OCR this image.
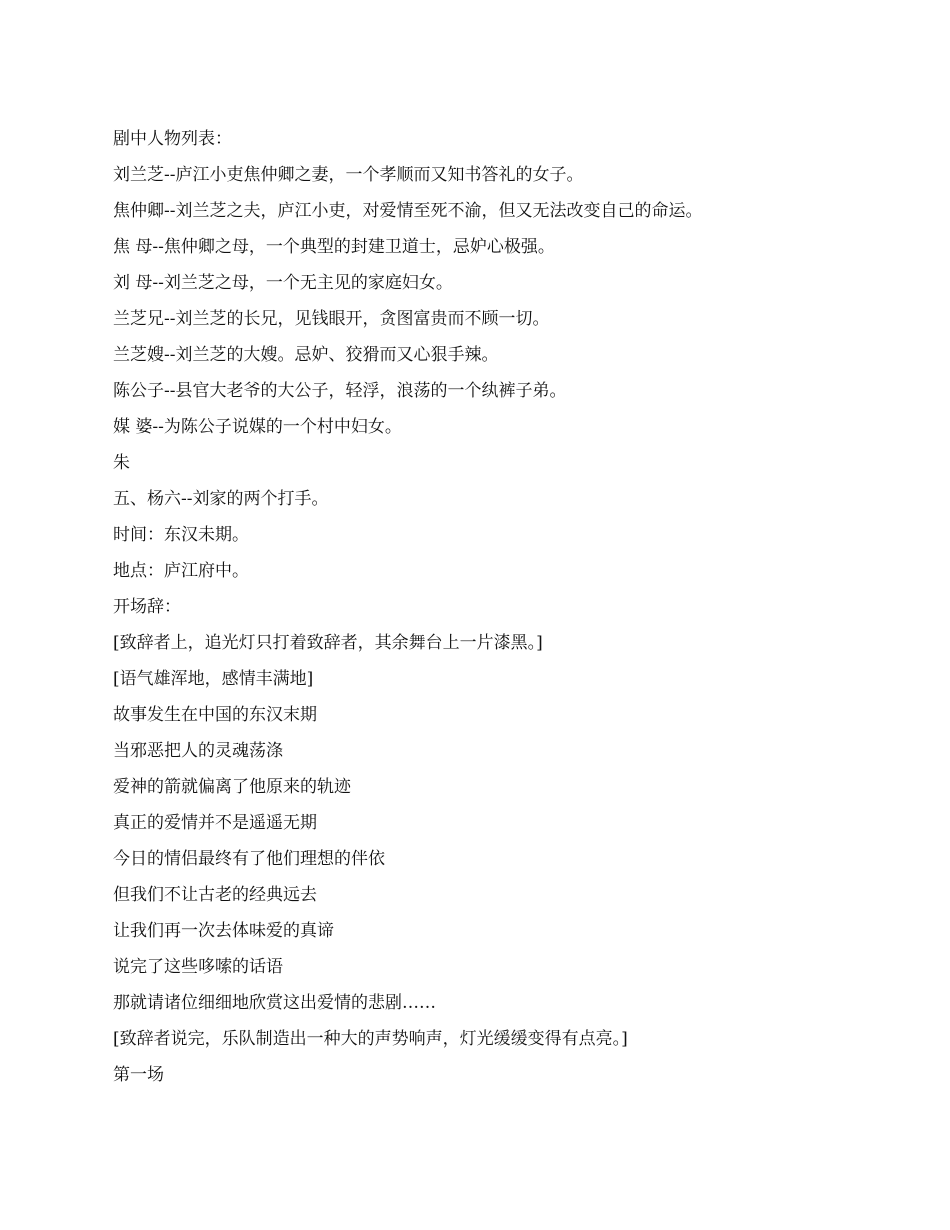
剧中人物列表：
刘兰芝--庐江小吏焦仲卿之妻，一个孝顺而又知书答礼的女子。
焦仲卿--刘兰芝之夫，庐江小吏，对爱情至死不渝，但又无法改变自己的命运。
焦 母--焦仲卿之母，一个典型的封建卫道士，忌妒心极强。
刘 母--刘兰芝之母，一个无主见的家庭妇女。
兰芝兄--刘兰芝的长兄，见钱眼开，贪图富贵而不顾一切。
兰芝嫂--刘兰芝的大嫂。忌妒、狡猾而又心狠手辣。
陈公子--县官大老爷的大公子，轻浮，浪荡的一个纨裤子弟。
媒 婆--为陈公子说媒的一个村中妇女。
朱
五、杨六--刘家的两个打手。
时间：东汉未期。
地点：庐江府中。
开场辞：
[致辞者上，追光灯只打着致辞者，其余舞台上一片漆黑。]
[语气雄浑地，感情丰满地]
故事发生在中国的东汉末期
当邪恶把人的灵魂荡涤
爱神的箭就偏离了他原来的轨迹
真正的爱情并不是遥遥无期
今日的情侣最终有了他们理想的伴依
但我们不让古老的经典远去
让我们再一次去体味爱的真谛
说完了这些哆嗦的话语
那就请诸位细细地欣赏这出爱情的悲剧……
[致辞者说完，乐队制造出一种大的声势响声，灯光缓缓变得有点亮。]
第一场
